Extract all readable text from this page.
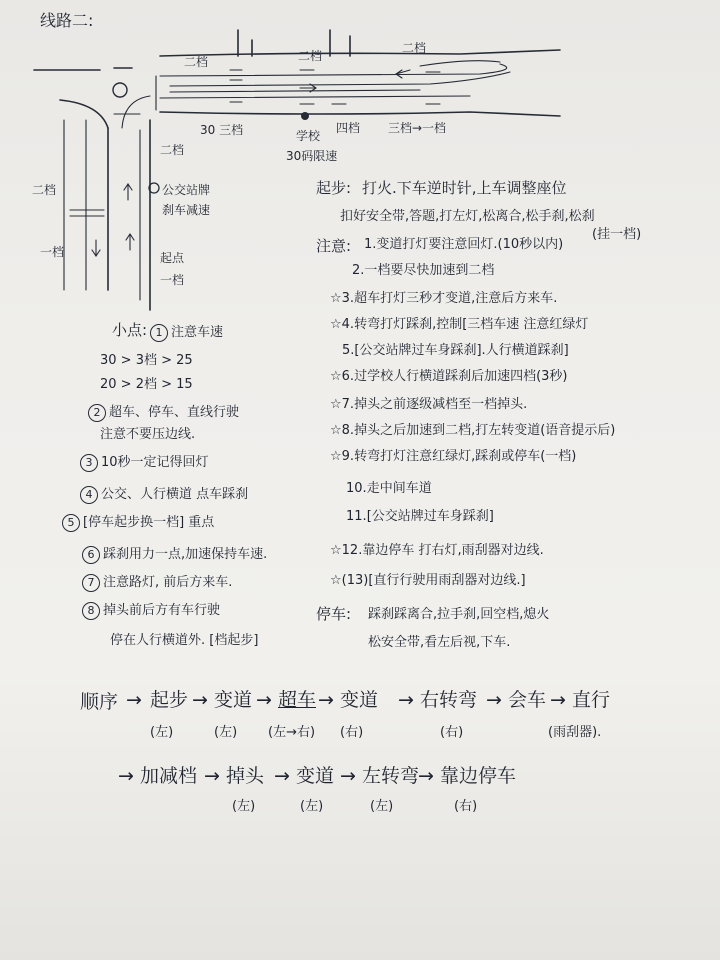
线路二:
二档	二档
二档
30 三档	学校
30码限速
四档 三档→一档
二档
二档
一档
公交站牌
刹车减速
起点
一档
起步: 打火.下车逆时针,上车调整座位
扣好安全带,答题,打左灯,松离合,松手刹,松刹
(挂一档)
注意: 1.变道打灯要注意回灯.(10秒以内)
2.一档要尽快加速到二档
☆3.超车打灯三秒才变道,注意后方来车.
☆4.转弯打灯踩刹,控制[三档车速 注意红绿灯
5.[公交站牌过车身踩刹].人行横道踩刹]
☆6.过学校人行横道踩刹后加速四档(3秒)
☆7.掉头之前逐级减档至一档掉头.
☆8.掉头之后加速到二档,打左转变道(语音提示后)
☆9.转弯打灯注意红绿灯,踩刹或停车(一档)
10.走中间车道
11.[公交站牌过车身踩刹]
☆12.靠边停车 打右灯,雨刮器对边线.
☆(13)[直行行驶用雨刮器对边线.]
停车: 踩刹踩离合,拉手刹,回空档,熄火
松安全带,看左后视,下车.
小点: 1 注意车速
30 > 3档 > 25
20 > 2档 > 15
2 超车、停车、直线行驶
注意不要压边线.
3 10秒一定记得回灯
4 公交、人行横道 点车踩刹
5 [停车起步换一档] 重点
6 踩刹用力一点,加速保持车速.
7 注意路灯, 前后方来车.
8 掉头前后方有车行驶
停在人行横道外. [档起步]
顺序 → 起步
(左)
→ 变道
(左)
→ 超车
(左→右)
→ 变道
(右)
→ 右转弯
(右)
→ 会车 → 直行
(雨刮器).
→ 加减档 → 掉头
(左)
→ 变道
(左)
→ 左转弯
(左)
→ 靠边停车
(右)
